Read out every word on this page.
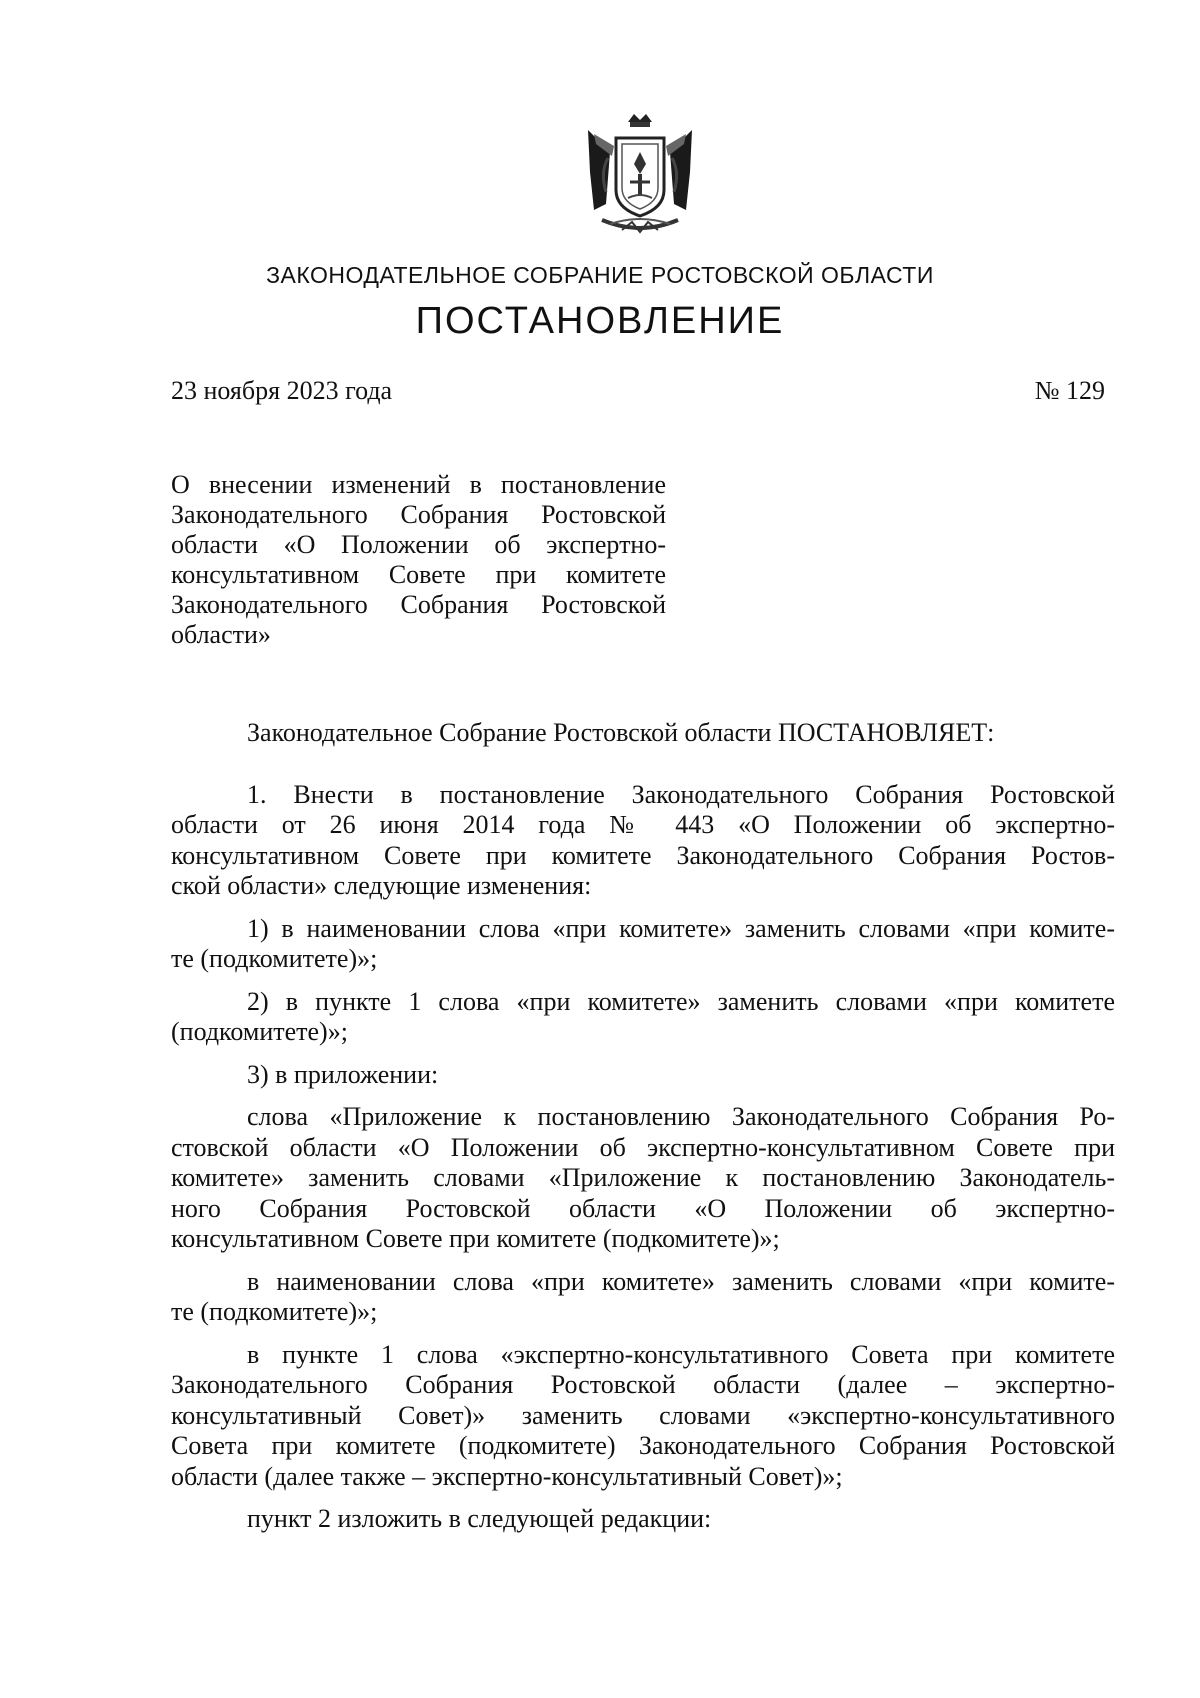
ЗАКОНОДАТЕЛЬНОЕ СОБРАНИЕ РОСТОВСКОЙ ОБЛАСТИ
ПОСТАНОВЛЕНИЕ
23 ноября 2023 года	№ 129
О внесении изменений в постановление
Законодательного Собрания Ростовской
области «О Положении об экспертно-
консультативном Совете при комитете
Законодательного Собрания Ростовской
области»
Законодательное Собрание Ростовской области ПОСТАНОВЛЯЕТ:
1. Внести в постановление Законодательного Собрания Ростовской
области от 26 июня 2014 года № 443 «О Положении об экспертно-
консультативном Совете при комитете Законодательного Собрания Ростов-
ской области» следующие изменения:
1) в наименовании слова «при комитете» заменить словами «при комите-
те (подкомитете)»;
2) в пункте 1 слова «при комитете» заменить словами «при комитете
(подкомитете)»;
3) в приложении:
слова «Приложение к постановлению Законодательного Собрания Ро-
стовской области «О Положении об экспертно-консультативном Совете при
комитете» заменить словами «Приложение к постановлению Законодатель-
ного Собрания Ростовской области «О Положении об экспертно-
консультативном Совете при комитете (подкомитете)»;
в наименовании слова «при комитете» заменить словами «при комите-
те (подкомитете)»;
в пункте 1 слова «экспертно-консультативного Совета при комитете
Законодательного Собрания Ростовской области (далее – экспертно-
консультативный Совет)» заменить словами «экспертно-консультативного
Совета при комитете (подкомитете) Законодательного Собрания Ростовской
области (далее также – экспертно-консультативный Совет)»;
пункт 2 изложить в следующей редакции:
